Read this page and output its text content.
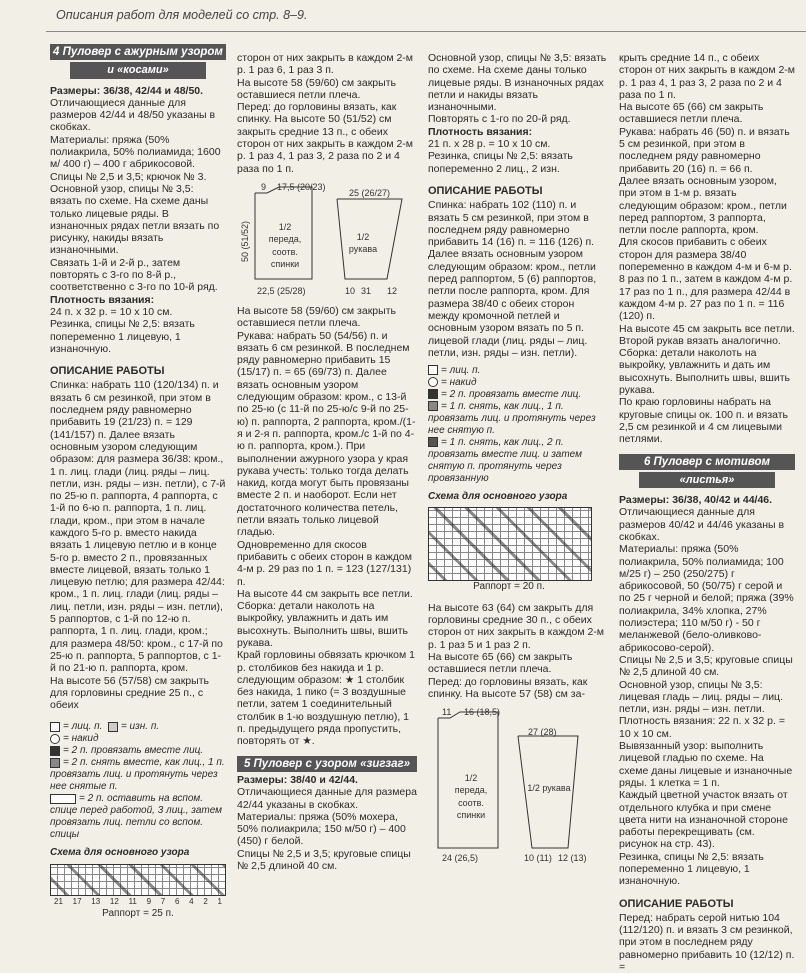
Описания работ для моделей со стр. 8–9.
4 Пуловер с ажурным узором
и «косами»

Размеры: 36/38, 42/44 и 48/50.

Отличающиеся данные для размеров 42/44 и 48/50 указаны в скобках.

Материалы: пряжа (50% полиакрила, 50% полиамида; 1600 м/ 400 г) – 400 г абрикосовой.

Спицы № 2,5 и 3,5; крючок № 3.

Основной узор, спицы № 3,5: вязать по схеме. На схеме даны только лицевые ряды. В изнаночных рядах петли вязать по рисунку, накиды вязать изнаночными.

Связать 1-й и 2-й р., затем повторять с 3-го по 8-й р., соответственно с 3-го по 10-й ряд.

Плотность вязания:

24 п. х 32 р. = 10 х 10 см.

Резинка, спицы № 2,5: вязать попеременно 1 лицевую, 1 изнаночную.

ОПИСАНИЕ РАБОТЫ

Спинка: набрать 110 (120/134) п. и вязать 6 см резинкой, при этом в последнем ряду равномерно прибавить 19 (21/23) п. = 129 (141/157) п. Далее вязать основным узором следующим образом: для размера 36/38: кром., 1 п. лиц. глади (лиц. ряды – лиц. петли, изн. ряды – изн. петли), с 7-й по 25-ю п. раппорта, 4 раппорта, с 1-й по 6-ю п. раппорта, 1 п. лиц. глади, кром., при этом в начале каждого 5-го р. вместо накида вязать 1 лицевую петлю и в конце 5-го р. вместо 2 п., провязанных вместе лицевой, вязать только 1 лицевую петлю; для размера 42/44: кром., 1 п. лиц. глади (лиц. ряды – лиц. петли, изн. ряды – изн. петли), 5 раппортов, с 1-й по 12-ю п. раппорта, 1 п. лиц. глади, кром.; для размера 48/50: кром., с 17-й по 25-ю п. раппорта, 5 раппортов, с 1-й по 21-ю п. раппорта, кром.

На высоте 56 (57/58) см закрыть для горловины средние 25 п., с обеих

= лиц. п. = изн. п.
= накид
= 2 п. провязать вместе лиц.
= 2 п. снять вместе, как лиц., 1 п. провязать лиц. и протянуть через нее снятые п.
= 2 п. оставить на вспом. спице перед работой, 3 лиц., затем провязать лиц. петли со вспом. спицы
Схема для основного узора
21 17 13 12 11 9 7 6 4 2 1
Раппорт = 25 п.

сторон от них закрыть в каждом 2-м р. 1 раз 6, 1 раз 3 п.

На высоте 58 (59/60) см закрыть оставшиеся петли плеча.

Перед: до горловины вязать, как спинку. На высоте 50 (51/52) см закрыть средние 13 п., с обеих сторон от них закрыть в каждом 2-м р. 1 раз 4, 1 раз 3, 2 раза по 2 и 4 раза по 1 п.

9 17,5 (20/23)
50 (51/52)	1/2 переда, соотв. спинки
22,5 (25/28)
25 (26/27)
1/2 рукава
10 31 12

На высоте 58 (59/60) см закрыть оставшиеся петли плеча.

Рукава: набрать 50 (54/56) п. и вязать 6 см резинкой. В последнем ряду равномерно прибавить 15 (15/17) п. = 65 (69/73) п. Далее вязать основным узором следующим образом: кром., с 13-й по 25-ю (с 11-й по 25-ю/с 9-й по 25-ю) п. раппорта, 2 раппорта, кром./(1-я и 2-я п. раппорта, кром./с 1-й по 4-ю п. раппорта, кром.). При выполнении ажурного узора у края рукава учесть: только тогда делать накид, когда могут быть провязаны вместе 2 п. и наоборот. Если нет достаточного количества петель, петли вязать только лицевой гладью.

Одновременно для скосов прибавить с обеих сторон в каждом 4-м р. 29 раз по 1 п. = 123 (127/131) п.

На высоте 44 см закрыть все петли.

Сборка: детали наколоть на выкройку, увлажнить и дать им высохнуть. Выполнить швы, вшить рукава.

Край горловины обвязать крючком 1 р. столбиков без накида и 1 р. следующим образом: ★ 1 столбик без накида, 1 пико (= 3 воздушные петли, затем 1 соединительный столбик в 1-ю воздушную петлю), 1 п. предыдущего ряда пропустить, повторять от ★.

5 Пуловер с узором «зигзаг»

Размеры: 38/40 и 42/44.

Отличающиеся данные для размера 42/44 указаны в скобках.

Материалы: пряжа (50% мохера, 50% полиакрила; 150 м/50 г) – 400 (450) г белой.

Спицы № 2,5 и 3,5; круговые спицы № 2,5 длиной 40 см.

Основной узор, спицы № 3,5: вязать по схеме. На схеме даны только лицевые ряды. В изнаночных рядах петли и накиды вязать изнаночными.

Повторять с 1-го по 20-й ряд.

Плотность вязания:

21 п. х 28 р. = 10 х 10 см.

Резинка, спицы № 2,5: вязать попеременно 2 лиц., 2 изн.

ОПИСАНИЕ РАБОТЫ

Спинка: набрать 102 (110) п. и вязать 5 см резинкой, при этом в последнем ряду равномерно прибавить 14 (16) п. = 116 (126) п. Далее вязать основным узором следующим образом: кром., петли перед раппортом, 5 (6) раппортов, петли после раппорта, кром. Для размера 38/40 с обеих сторон между кромочной петлей и основным узором вязать по 5 п. лицевой глади (лиц. ряды – лиц. петли, изн. ряды – изн. петли).

= лиц. п.
= накид
= 2 п. провязать вместе лиц.
= 1 п. снять, как лиц., 1 п. провязать лиц. и протянуть через нее снятую п.
= 1 п. снять, как лиц., 2 п. провязать вместе лиц. и затем снятую п. протянуть через провязанную
Схема для основного узора
Раппорт = 20 п.

На высоте 63 (64) см закрыть для горловины средние 30 п., с обеих сторон от них закрыть в каждом 2-м р. 1 раз 5 и 1 раз 2 п.

На высоте 65 (66) см закрыть оставшиеся петли плеча.

Перед: до горловины вязать, как спинку. На высоте 57 (58) см за-

11 16 (18,5)
1/2 переда, соотв. спинки
24 (26,5)
27 (28)
1/2 рукава
10 (11) 12 (13)

крыть средние 14 п., с обеих сторон от них закрыть в каждом 2-м р. 1 раз 4, 1 раз 3, 2 раза по 2 и 4 раза по 1 п.

На высоте 65 (66) см закрыть оставшиеся петли плеча.

Рукава: набрать 46 (50) п. и вязать 5 см резинкой, при этом в последнем ряду равномерно прибавить 20 (16) п. = 66 п.

Далее вязать основным узором, при этом в 1-м р. вязать следующим образом: кром., петли перед раппортом, 3 раппорта, петли после раппорта, кром.

Для скосов прибавить с обеих сторон для размера 38/40 попеременно в каждом 4-м и 6-м р. 8 раз по 1 п., затем в каждом 4-м р. 17 раз по 1 п., для размера 42/44 в каждом 4-м р. 27 раз по 1 п. = 116 (120) п.

На высоте 45 см закрыть все петли. Второй рукав вязать аналогично.

Сборка: детали наколоть на выкройку, увлажнить и дать им высохнуть. Выполнить швы, вшить рукава.

По краю горловины набрать на круговые спицы ок. 100 п. и вязать 2,5 см резинкой и 4 см лицевыми петлями.

6 Пуловер с мотивом
«листья»

Размеры: 36/38, 40/42 и 44/46.

Отличающиеся данные для размеров 40/42 и 44/46 указаны в скобках.

Материалы: пряжа (50% полиакрила, 50% полиамида; 100 м/25 г) – 250 (250/275) г абрикосовой, 50 (50/75) г серой и по 25 г черной и белой; пряжа (39% полиакрила, 34% хлопка, 27% полиэстера; 110 м/50 г) - 50 г меланжевой (бело-оливково-абрикосово-серой).

Спицы № 2,5 и 3,5; круговые спицы № 2,5 длиной 40 см.

Основной узор, спицы № 3,5: лицевая гладь – лиц. ряды – лиц. петли, изн. ряды – изн. петли.

Плотность вязания: 22 п. х 32 р. = 10 х 10 см.

Вывязанный узор: выполнить лицевой гладью по схеме. На схеме даны лицевые и изнаночные ряды. 1 клетка = 1 п.

Каждый цветной участок вязать от отдельного клубка и при смене цвета нити на изнаночной стороне работы перекрещивать (см. рисунок на стр. 43).

Резинка, спицы № 2,5: вязать попеременно 1 лицевую, 1 изнаночную.

ОПИСАНИЕ РАБОТЫ

Перед: набрать серой нитью 104 (112/120) п. и вязать 3 см резинкой, при этом в последнем ряду равномерно прибавить 10 (12/12) п. =
